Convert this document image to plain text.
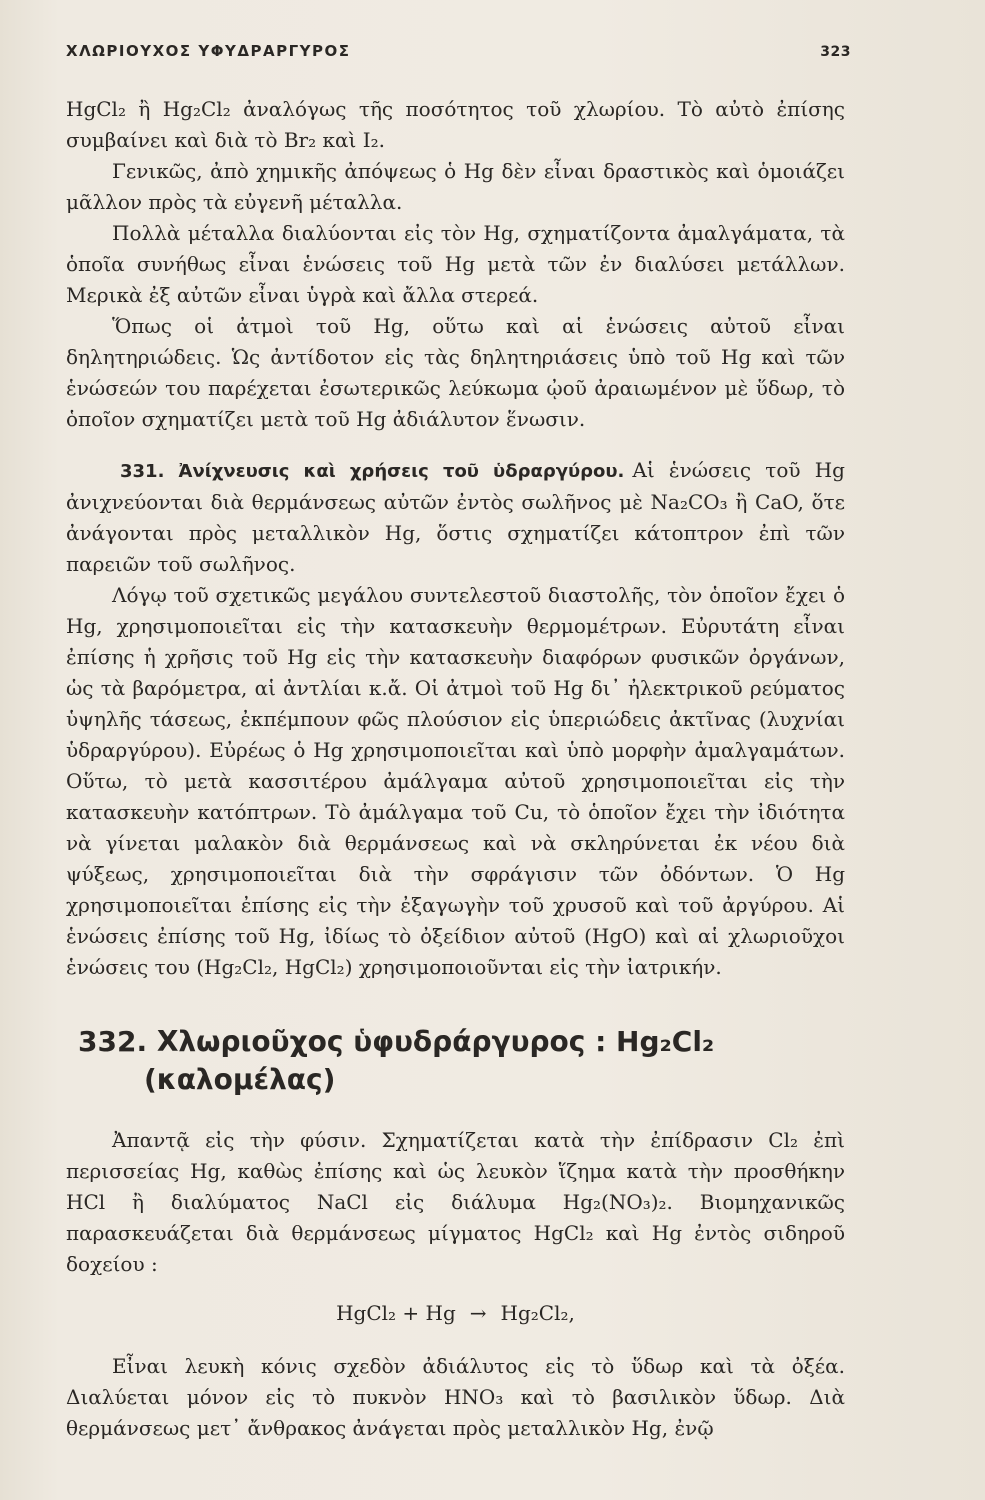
ΧΛΩΡΙΟΥΧΟΣ ΥΦΥΔΡΑΡΓΥΡΟΣ	323

HgCl₂ ἢ Hg₂Cl₂ ἀναλόγως τῆς ποσότητος τοῦ χλωρίου. Τὸ αὐτὸ ἐπίσης συμβαίνει καὶ διὰ τὸ Br₂ καὶ I₂.

Γενικῶς, ἀπὸ χημικῆς ἀπόψεως ὁ Hg δὲν εἶναι δραστικὸς καὶ ὁμοιάζει μᾶλλον πρὸς τὰ εὐγενῆ μέταλλα.

Πολλὰ μέταλλα διαλύονται εἰς τὸν Hg, σχηματίζοντα ἀμαλγάματα, τὰ ὁποῖα συνήθως εἶναι ἑνώσεις τοῦ Hg μετὰ τῶν ἐν διαλύσει μετάλλων. Μερικὰ ἐξ αὐτῶν εἶναι ὑγρὰ καὶ ἄλλα στερεά.

Ὅπως οἱ ἀτμοὶ τοῦ Hg, οὕτω καὶ αἱ ἑνώσεις αὐτοῦ εἶναι δηλητηριώδεις. Ὡς ἀντίδοτον εἰς τὰς δηλητηριάσεις ὑπὸ τοῦ Hg καὶ τῶν ἑνώσεών του παρέχεται ἐσωτερικῶς λεύκωμα ᾠοῦ ἀραιωμένον μὲ ὕδωρ, τὸ ὁποῖον σχηματίζει μετὰ τοῦ Hg ἀδιάλυτον ἕνωσιν.

331. Ἀνίχνευσις καὶ χρήσεις τοῦ ὑδραργύρου. Αἱ ἑνώσεις τοῦ Hg ἀνιχνεύονται διὰ θερμάνσεως αὐτῶν ἐντὸς σωλῆνος μὲ Na₂CO₃ ἢ CaO, ὅτε ἀνάγονται πρὸς μεταλλικὸν Hg, ὅστις σχηματίζει κάτοπτρον ἐπὶ τῶν παρειῶν τοῦ σωλῆνος.

Λόγῳ τοῦ σχετικῶς μεγάλου συντελεστοῦ διαστολῆς, τὸν ὁποῖον ἔχει ὁ Hg, χρησιμοποιεῖται εἰς τὴν κατασκευὴν θερμομέτρων. Εὐρυτάτη εἶναι ἐπίσης ἡ χρῆσις τοῦ Hg εἰς τὴν κατασκευὴν διαφόρων φυσικῶν ὀργάνων, ὡς τὰ βαρόμετρα, αἱ ἀντλίαι κ.ἄ. Οἱ ἀτμοὶ τοῦ Hg δι᾽ ἠλεκτρικοῦ ρεύματος ὑψηλῆς τάσεως, ἐκπέμπουν φῶς πλούσιον εἰς ὑπεριώδεις ἀκτῖνας (λυχνίαι ὑδραργύρου). Εὐρέως ὁ Hg χρησιμοποιεῖται καὶ ὑπὸ μορφὴν ἀμαλγαμάτων. Οὕτω, τὸ μετὰ κασσιτέρου ἀμάλγαμα αὐτοῦ χρησιμοποιεῖται εἰς τὴν κατασκευὴν κατόπτρων. Τὸ ἀμάλγαμα τοῦ Cu, τὸ ὁποῖον ἔχει τὴν ἰδιότητα νὰ γίνεται μαλακὸν διὰ θερμάνσεως καὶ νὰ σκληρύνεται ἐκ νέου διὰ ψύξεως, χρησιμοποιεῖται διὰ τὴν σφράγισιν τῶν ὀδόντων. Ὁ Hg χρησιμοποιεῖται ἐπίσης εἰς τὴν ἐξαγωγὴν τοῦ χρυσοῦ καὶ τοῦ ἀργύρου. Αἱ ἑνώσεις ἐπίσης τοῦ Hg, ἰδίως τὸ ὀξείδιον αὐτοῦ (HgO) καὶ αἱ χλωριοῦχοι ἑνώσεις του (Hg₂Cl₂, HgCl₂) χρησιμοποιοῦνται εἰς τὴν ἰατρικήν.

332. Χλωριοῦχος ὑφυδράργυρος : Hg₂Cl₂
(καλομέλας)

Ἀπαντᾷ εἰς τὴν φύσιν. Σχηματίζεται κατὰ τὴν ἐπίδρασιν Cl₂ ἐπὶ περισσείας Hg, καθὼς ἐπίσης καὶ ὡς λευκὸν ἵζημα κατὰ τὴν προσθήκην HCl ἢ διαλύματος NaCl εἰς διάλυμα Hg₂(NO₃)₂. Βιομηχανικῶς παρασκευάζεται διὰ θερμάνσεως μίγματος HgCl₂ καὶ Hg ἐντὸς σιδηροῦ δοχείου :

HgCl₂ + Hg → Hg₂Cl₂,

Εἶναι λευκὴ κόνις σχεδὸν ἀδιάλυτος εἰς τὸ ὕδωρ καὶ τὰ ὀξέα. Διαλύεται μόνον εἰς τὸ πυκνὸν HNO₃ καὶ τὸ βασιλικὸν ὕδωρ. Διὰ θερμάνσεως μετ᾽ ἄνθρακος ἀνάγεται πρὸς μεταλλικὸν Hg, ἐνῷ
